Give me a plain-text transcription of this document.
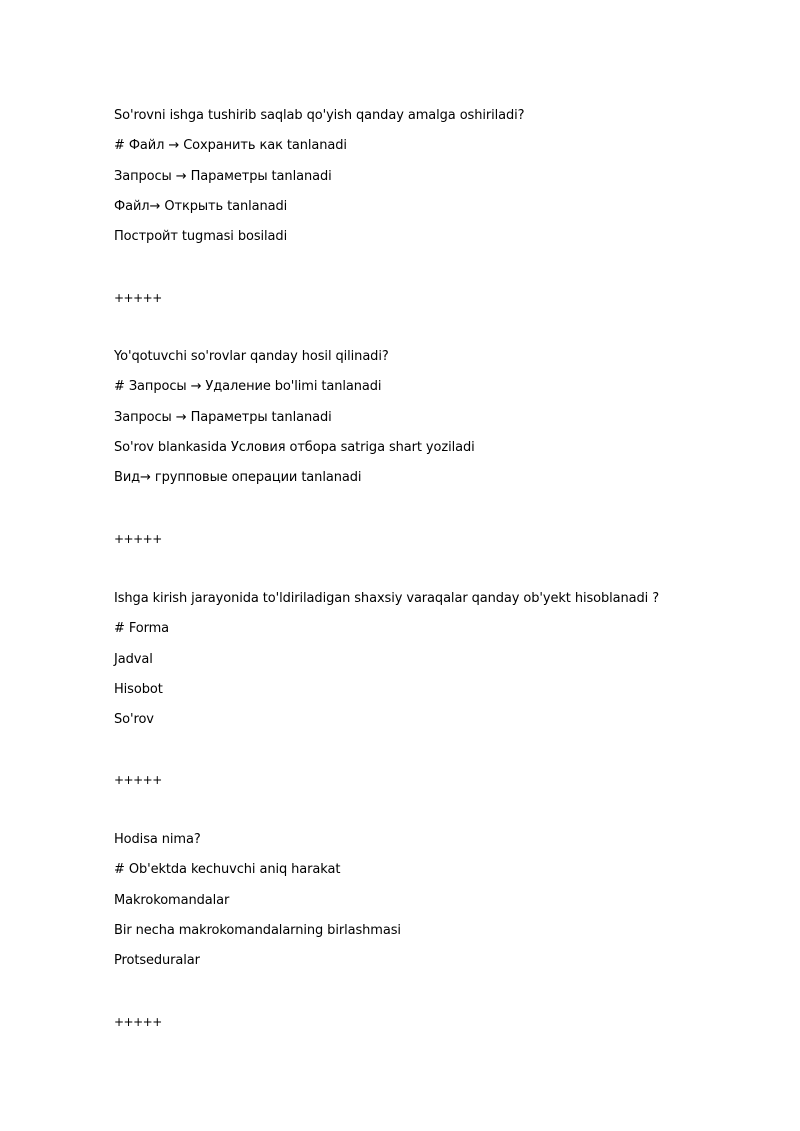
So'rovni ishga tushirib saqlab qo'yish qanday amalga oshiriladi?
# Файл → Сохранить как tanlanadi
Запросы → Параметры tanlanadi
Файл→ Открыть tanlanadi
Постройт tugmasi bosiladi
+++++
Yo'qotuvchi so'rovlar qanday hosil qilinadi?
# Запросы → Удаление bo'limi tanlanadi
Запросы → Параметры tanlanadi
So'rov blankasida Условия отбора satriga shart yoziladi
Вид→ групповые операции tanlanadi
+++++
Ishga kirish jarayonida to'ldiriladigan shaxsiy varaqalar qanday ob'yekt hisoblanadi ?
# Forma
Jadval
Hisobot
So'rov
+++++
Hodisa nima?
# Ob'ektda kechuvchi aniq harakat
Makrokomandalar
Bir necha makrokomandalarning birlashmasi
Protseduralar
+++++
